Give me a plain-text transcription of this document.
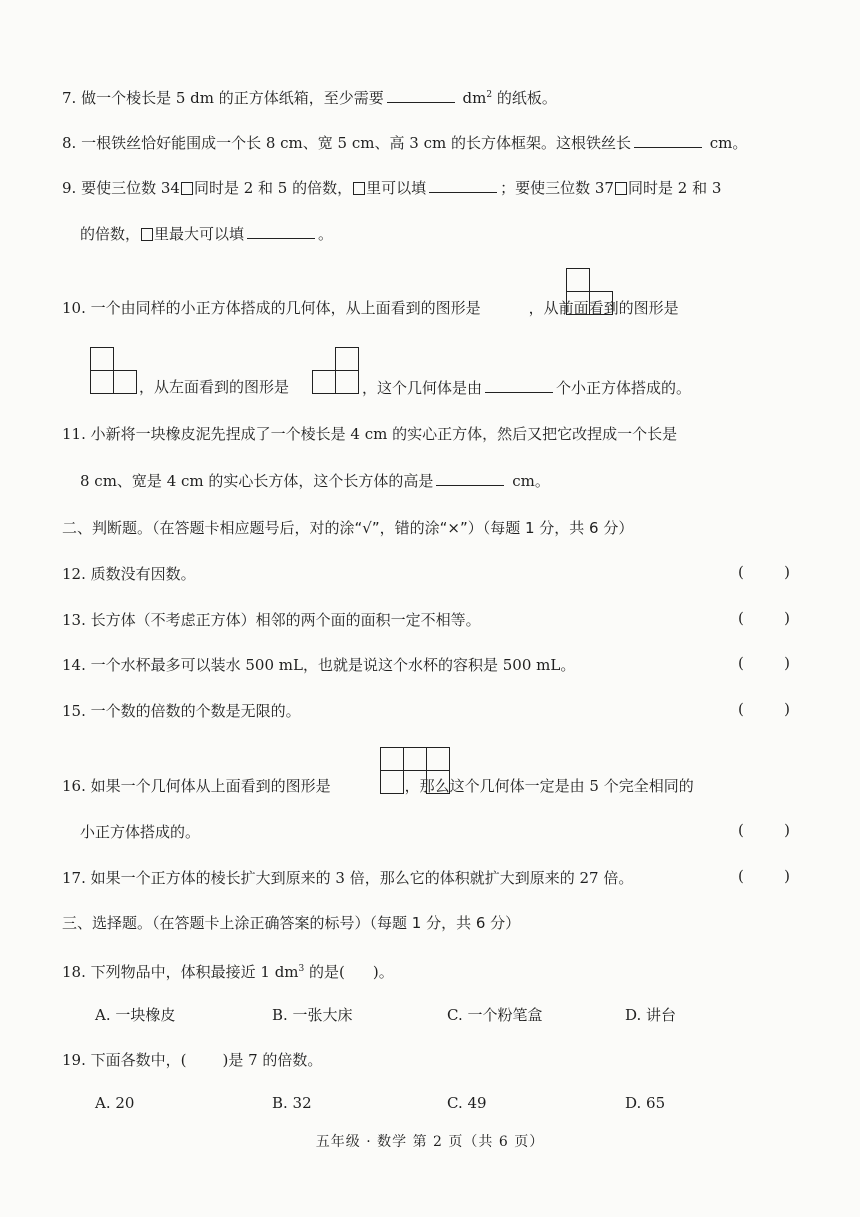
7. 做一个棱长是 5 dm 的正方体纸箱，至少需要	$dm^2$ 的纸板。
8. 一根铁丝恰好能围成一个长 8 cm、宽 5 cm、高 3 cm 的长方体框架。这根铁丝长	cm。
9. 要使三位数 34 同时是 2 和 5 的倍数， 里可以填	；要使三位数 37 同时是 2 和 3
的倍数， 里最大可以填	。
10. 一个由同样的小正方体搭成的几何体，从上面看到的图形是	，从前面看到的图形是
，从左面看到的图形是	，这个几何体是由	个小正方体搭成的。
11. 小新将一块橡皮泥先捏成了一个棱长是 4 cm 的实心正方体，然后又把它改捏成一个长是
8 cm、宽是 4 cm 的实心长方体，这个长方体的高是	cm。
二、判断题。（在答题卡相应题号后，对的涂“√”，错的涂“×”）（每题 1 分，共 6 分）
12. 质数没有因数。	(	)
13. 长方体（不考虑正方体）相邻的两个面的面积一定不相等。	(	)
14. 一个水杯最多可以装水 500 mL，也就是说这个水杯的容积是 500 mL。	(	)
15. 一个数的倍数的个数是无限的。	(	)
16. 如果一个几何体从上面看到的图形是	，那么这个几何体一定是由 5 个完全相同的
小正方体搭成的。	(	)
17. 如果一个正方体的棱长扩大到原来的 3 倍，那么它的体积就扩大到原来的 27 倍。	(	)
三、选择题。（在答题卡上涂正确答案的标号）（每题 1 分，共 6 分）
18. 下列物品中，体积最接近 1 $dm^3$ 的是( )。
A. 一块橡皮	B. 一张大床	C. 一个粉笔盒	D. 讲台
19. 下面各数中，( )是 7 的倍数。
A. 20	B. 32	C. 49	D. 65
五年级 · 数学 第 2 页（共 6 页）
